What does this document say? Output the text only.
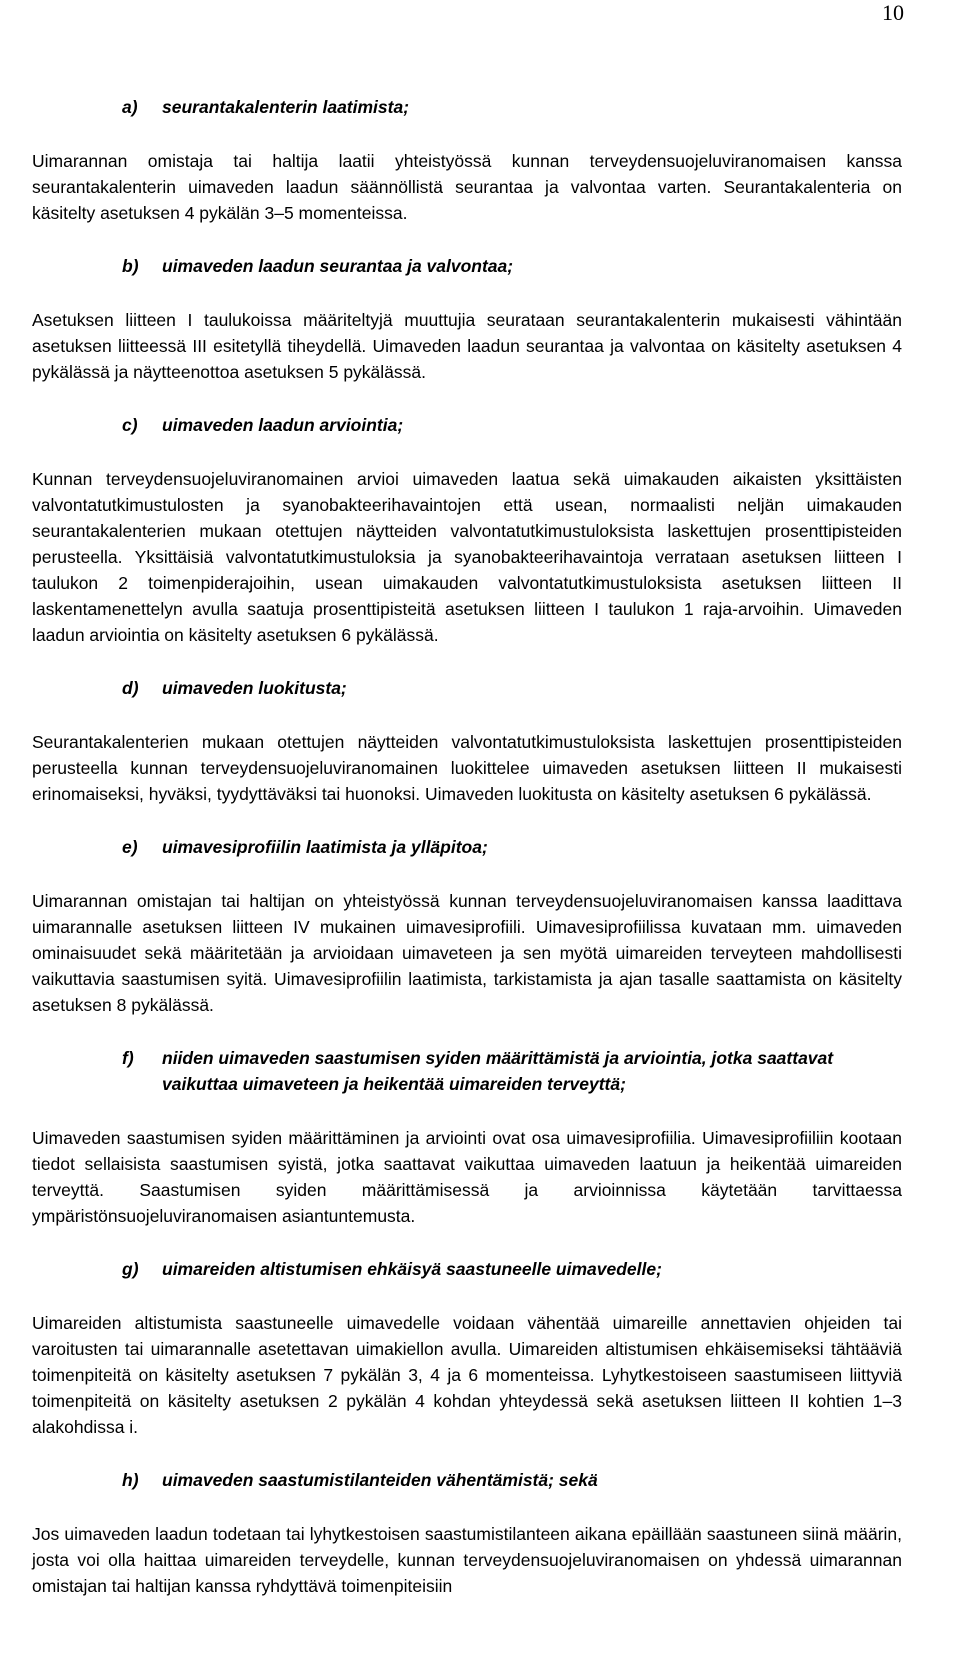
10
a)	seurantakalenterin laatimista;

Uimarannan omistaja tai haltija laatii yhteistyössä kunnan terveydensuojeluviranomaisen kanssa seurantakalenterin uimaveden laadun säännöllistä seurantaa ja valvontaa varten. Seurantakalenteria on käsitelty asetuksen 4 pykälän 3–5 momenteissa.

b)	uimaveden laadun seurantaa ja valvontaa;

Asetuksen liitteen I taulukoissa määriteltyjä muuttujia seurataan seurantakalenterin mukaisesti vähintään asetuksen liitteessä III esitetyllä tiheydellä. Uimaveden laadun seurantaa ja valvontaa on käsitelty asetuksen 4 pykälässä ja näytteenottoa asetuksen 5 pykälässä.

c)	uimaveden laadun arviointia;

Kunnan terveydensuojeluviranomainen arvioi uimaveden laatua sekä uimakauden aikaisten yksittäisten valvontatutkimustulosten ja syanobakteerihavaintojen että usean, normaalisti neljän uimakauden seurantakalenterien mukaan otettujen näytteiden valvontatutkimustuloksista laskettujen prosenttipisteiden perusteella. Yksittäisiä valvontatutkimustuloksia ja syanobakteerihavaintoja verrataan asetuksen liitteen I taulukon 2 toimenpiderajoihin, usean uimakauden valvontatutkimustuloksista asetuksen liitteen II laskentamenettelyn avulla saatuja prosenttipisteitä asetuksen liitteen I taulukon 1 raja-arvoihin. Uimaveden laadun arviointia on käsitelty asetuksen 6 pykälässä.

d)	uimaveden luokitusta;

Seurantakalenterien mukaan otettujen näytteiden valvontatutkimustuloksista laskettujen prosenttipisteiden perusteella kunnan terveydensuojeluviranomainen luokittelee uimaveden asetuksen liitteen II mukaisesti erinomaiseksi, hyväksi, tyydyttäväksi tai huonoksi. Uimaveden luokitusta on käsitelty asetuksen 6 pykälässä.

e)	uimavesiprofiilin laatimista ja ylläpitoa;

Uimarannan omistajan tai haltijan on yhteistyössä kunnan terveydensuojeluviranomaisen kanssa laadittava uimarannalle asetuksen liitteen IV mukainen uimavesiprofiili. Uimavesiprofiilissa kuvataan mm. uimaveden ominaisuudet sekä määritetään ja arvioidaan uimaveteen ja sen myötä uimareiden terveyteen mahdollisesti vaikuttavia saastumisen syitä. Uimavesiprofiilin laatimista, tarkistamista ja ajan tasalle saattamista on käsitelty asetuksen 8 pykälässä.

f)	niiden uimaveden saastumisen syiden määrittämistä ja arviointia, jotka saattavat vaikuttaa uimaveteen ja heikentää uimareiden terveyttä;

Uimaveden saastumisen syiden määrittäminen ja arviointi ovat osa uimavesiprofiilia. Uimavesiprofiiliin kootaan tiedot sellaisista saastumisen syistä, jotka saattavat vaikuttaa uimaveden laatuun ja heikentää uimareiden terveyttä. Saastumisen syiden määrittämisessä ja arvioinnissa käytetään tarvittaessa ympäristönsuojeluviranomaisen asiantuntemusta.

g)	uimareiden altistumisen ehkäisyä saastuneelle uimavedelle;

Uimareiden altistumista saastuneelle uimavedelle voidaan vähentää uimareille annettavien ohjeiden tai varoitusten tai uimarannalle asetettavan uimakiellon avulla. Uimareiden altistumisen ehkäisemiseksi tähtääviä toimenpiteitä on käsitelty asetuksen 7 pykälän 3, 4 ja 6 momenteissa. Lyhytkestoiseen saastumiseen liittyviä toimenpiteitä on käsitelty asetuksen 2 pykälän 4 kohdan yhteydessä sekä asetuksen liitteen II kohtien 1–3 alakohdissa i.

h)	uimaveden saastumistilanteiden vähentämistä; sekä

Jos uimaveden laadun todetaan tai lyhytkestoisen saastumistilanteen aikana epäillään saastuneen siinä määrin, josta voi olla haittaa uimareiden terveydelle, kunnan terveydensuojeluviranomaisen on yhdessä uimarannan omistajan tai haltijan kanssa ryhdyttävä toimenpiteisiin
